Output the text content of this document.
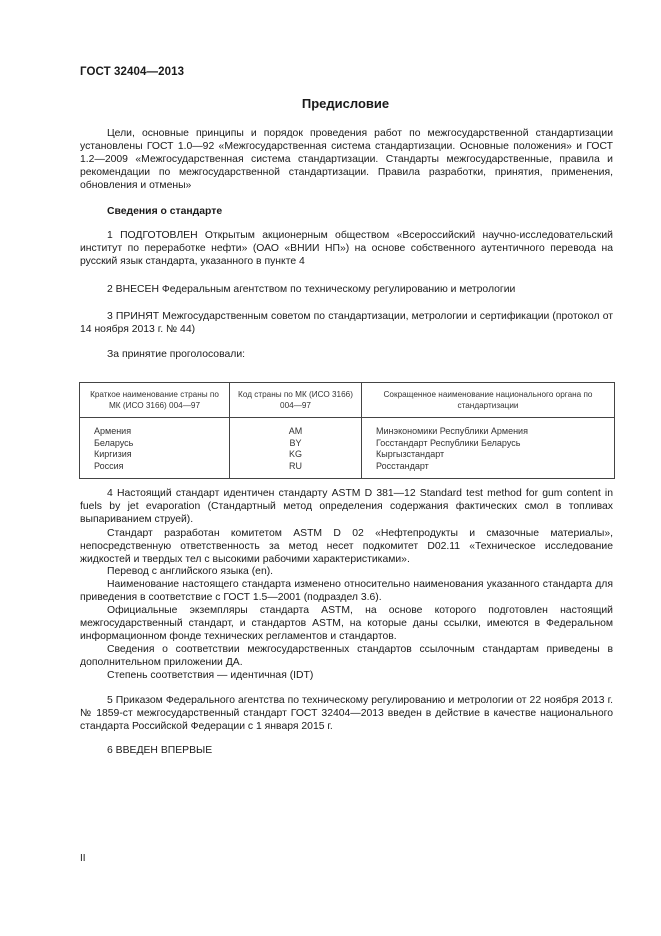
ГОСТ 32404—2013
Предисловие

Цели, основные принципы и порядок проведения работ по межгосударственной стандартизации установлены ГОСТ 1.0—92 «Межгосударственная система стандартизации. Основные положения» и ГОСТ 1.2—2009 «Межгосударственная система стандартизации. Стандарты межгосударственные, правила и рекомендации по межгосударственной стандартизации. Правила разработки, принятия, применения, обновления и отмены»

Сведения о стандарте

1 ПОДГОТОВЛЕН Открытым акционерным обществом «Всероссийский научно-исследовательский институт по переработке нефти» (ОАО «ВНИИ НП») на основе собственного аутентичного перевода на русский язык стандарта, указанного в пункте 4

2 ВНЕСЕН Федеральным агентством по техническому регулированию и метрологии

3 ПРИНЯТ Межгосударственным советом по стандартизации, метрологии и сертификации (протокол от 14 ноября 2013 г. № 44)

За принятие проголосовали:
Краткое наименование страны по МК (ИСО 3166) 004—97	Код страны по МК (ИСО 3166) 004—97	Сокращенное наименование национального органа по стандартизации
Армения	AM	Минэкономики Республики Армения
Беларусь	BY	Госстандарт Республики Беларусь
Киргизия	KG	Кыргызстандарт
Россия	RU	Росстандарт

4 Настоящий стандарт идентичен стандарту ASTM D 381—12 Standard test method for gum content in fuels by jet evaporation (Стандартный метод определения содержания фактических смол в топливах выпариванием струей).

Стандарт разработан комитетом ASTM D 02 «Нефтепродукты и смазочные материалы», непосредственную ответственность за метод несет подкомитет D02.11 «Техническое исследование жидкостей и твердых тел с высокими рабочими характеристиками».

Перевод с английского языка (en).

Наименование настоящего стандарта изменено относительно наименования указанного стандарта для приведения в соответствие с ГОСТ 1.5—2001 (подраздел 3.6).

Официальные экземпляры стандарта ASTM, на основе которого подготовлен настоящий межгосударственный стандарт, и стандартов ASTM, на которые даны ссылки, имеются в Федеральном информационном фонде технических регламентов и стандартов.

Сведения о соответствии межгосударственных стандартов ссылочным стандартам приведены в дополнительном приложении ДА.

Степень соответствия — идентичная (IDT)

5 Приказом Федерального агентства по техническому регулированию и метрологии от 22 ноября 2013 г. № 1859-ст межгосударственный стандарт ГОСТ 32404—2013 введен в действие в качестве национального стандарта Российской Федерации с 1 января 2015 г.

6 ВВЕДЕН ВПЕРВЫЕ
II
